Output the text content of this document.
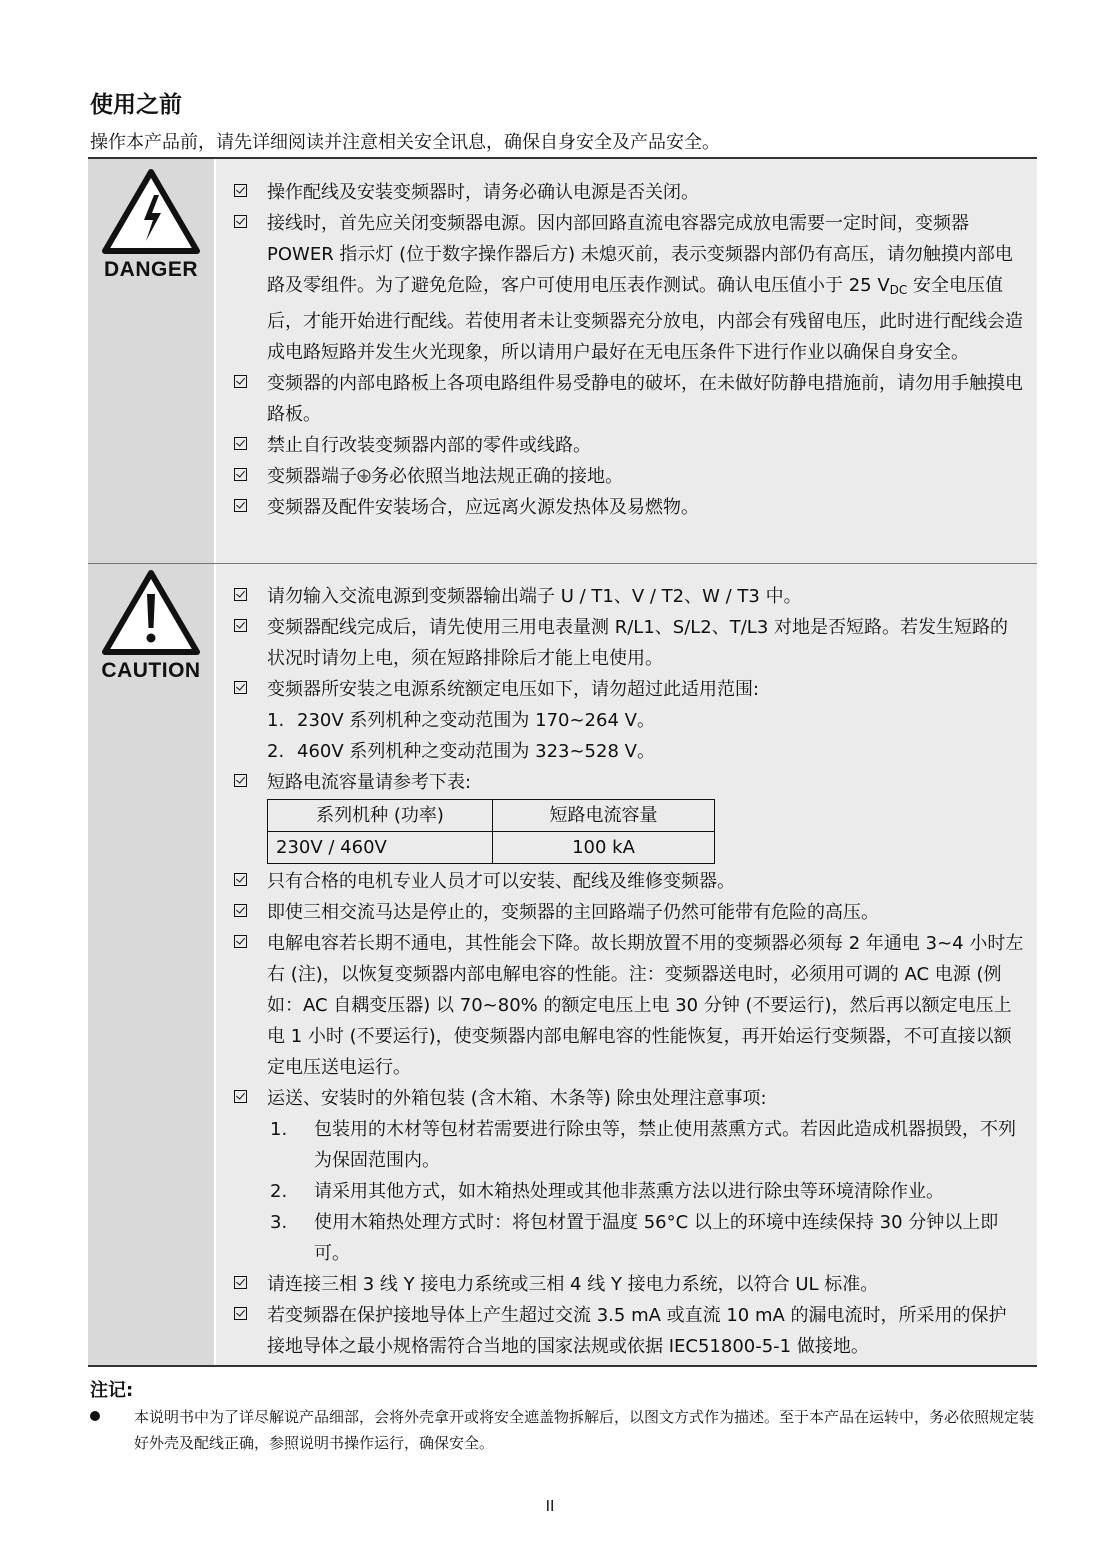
使用之前
操作本产品前，请先详细阅读并注意相关安全讯息，确保自身安全及产品安全。
DANGER
操作配线及安装变频器时，请务必确认电源是否关闭。
接线时，首先应关闭变频器电源。因内部回路直流电容器完成放电需要一定时间，变频器 POWER 指示灯 (位于数字操作器后方) 未熄灭前，表示变频器内部仍有高压，请勿触摸内部电路及零组件。为了避免危险，客户可使用电压表作测试。确认电压值小于 25 VDC 安全电压值后，才能开始进行配线。若使用者未让变频器充分放电，内部会有残留电压，此时进行配线会造成电路短路并发生火光现象，所以请用户最好在无电压条件下进行作业以确保自身安全。
变频器的内部电路板上各项电路组件易受静电的破坏，在未做好防静电措施前，请勿用手触摸电路板。
禁止自行改装变频器内部的零件或线路。
变频器端子 务必依照当地法规正确的接地。
变频器及配件安装场合，应远离火源发热体及易燃物。
CAUTION
请勿输入交流电源到变频器输出端子 U / T1、V / T2、W / T3 中。
变频器配线完成后，请先使用三用电表量测 R/L1、S/L2、T/L3 对地是否短路。若发生短路的状况时请勿上电，须在短路排除后才能上电使用。
变频器所安装之电源系统额定电压如下，请勿超过此适用范围:
1. 230V 系列机种之变动范围为 170~264 V。
2. 460V 系列机种之变动范围为 323~528 V。
短路电流容量请参考下表:
系列机种 (功率)	短路电流容量
230V / 460V	100 kA
只有合格的电机专业人员才可以安装、配线及维修变频器。
即使三相交流马达是停止的，变频器的主回路端子仍然可能带有危险的高压。
电解电容若长期不通电，其性能会下降。故长期放置不用的变频器必须每 2 年通电 3~4 小时左右 (注)，以恢复变频器内部电解电容的性能。注：变频器送电时，必须用可调的 AC 电源 (例如：AC 自耦变压器) 以 70~80% 的额定电压上电 30 分钟 (不要运行)，然后再以额定电压上电 1 小时 (不要运行)，使变频器内部电解电容的性能恢复，再开始运行变频器，不可直接以额定电压送电运行。
运送、安装时的外箱包装 (含木箱、木条等) 除虫处理注意事项:
1. 包装用的木材等包材若需要进行除虫等，禁止使用蒸熏方式。若因此造成机器损毁，不列为保固范围内。
2. 请采用其他方式，如木箱热处理或其他非蒸熏方法以进行除虫等环境清除作业。
3. 使用木箱热处理方式时：将包材置于温度 56°C 以上的环境中连续保持 30 分钟以上即可。
请连接三相 3 线 Y 接电力系统或三相 4 线 Y 接电力系统，以符合 UL 标准。
若变频器在保护接地导体上产生超过交流 3.5 mA 或直流 10 mA 的漏电流时，所采用的保护接地导体之最小规格需符合当地的国家法规或依据 IEC51800-5-1 做接地。
注记:
本说明书中为了详尽解说产品细部，会将外壳拿开或将安全遮盖物拆解后，以图文方式作为描述。至于本产品在运转中，务必依照规定装好外壳及配线正确，参照说明书操作运行，确保安全。
II
